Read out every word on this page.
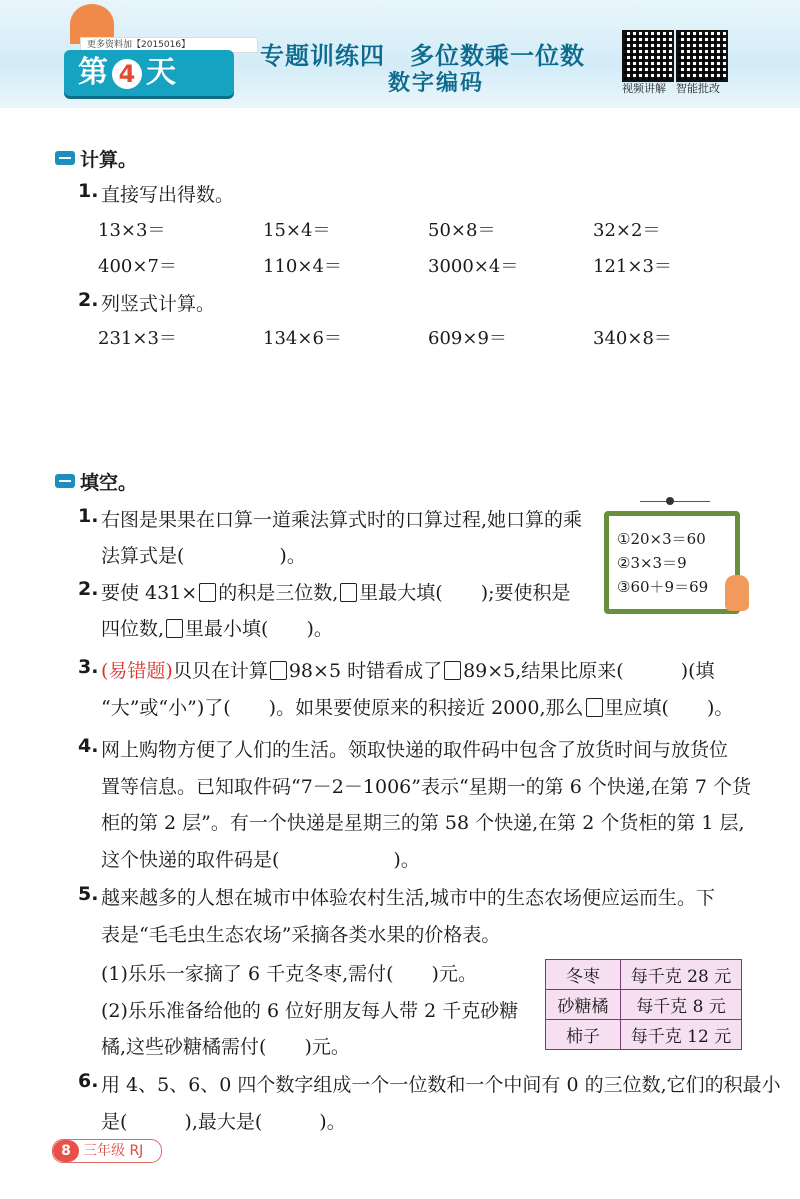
更多资料加【2015016】
第 4 天	专题训练四　多位数乘一位数
数字编码	视频讲解 智能批改
计算。
1. 直接写出得数。
13×3＝	15×4＝	50×8＝	32×2＝
400×7＝	110×4＝	3000×4＝	121×3＝
2. 列竖式计算。
231×3＝	134×6＝	609×9＝	340×8＝
填空。
1. 右图是果果在口算一道乘法算式时的口算过程,她口算的乘
法算式是(　　　　　)。
①20×3＝60
②3×3＝9
③60＋9＝69
2. 要使 431× 的积是三位数, 里最大填(　　);要使积是
四位数, 里最小填(　　)。
3. (易错题)贝贝在计算 98×5 时错看成了 89×5,结果比原来(　　　)(填
“大”或“小”)了(　　)。如果要使原来的积接近 2000,那么 里应填(　　)。
4. 网上购物方便了人们的生活。领取快递的取件码中包含了放货时间与放货位
置等信息。已知取件码“7－2－1006”表示“星期一的第 6 个快递,在第 7 个货
柜的第 2 层”。有一个快递是星期三的第 58 个快递,在第 2 个货柜的第 1 层,
这个快递的取件码是(　　　　　　)。
5. 越来越多的人想在城市中体验农村生活,城市中的生态农场便应运而生。下
表是“毛毛虫生态农场”采摘各类水果的价格表。
(1)乐乐一家摘了 6 千克冬枣,需付(　　)元。
(2)乐乐准备给他的 6 位好朋友每人带 2 千克砂糖
橘,这些砂糖橘需付(　　)元。
冬枣	每千克 28 元
砂糖橘	每千克 8 元
柿子	每千克 12 元
6. 用 4、5、6、0 四个数字组成一个一位数和一个中间有 0 的三位数,它们的积最小
是(　　　),最大是(　　　)。
8 三年级 RJ
